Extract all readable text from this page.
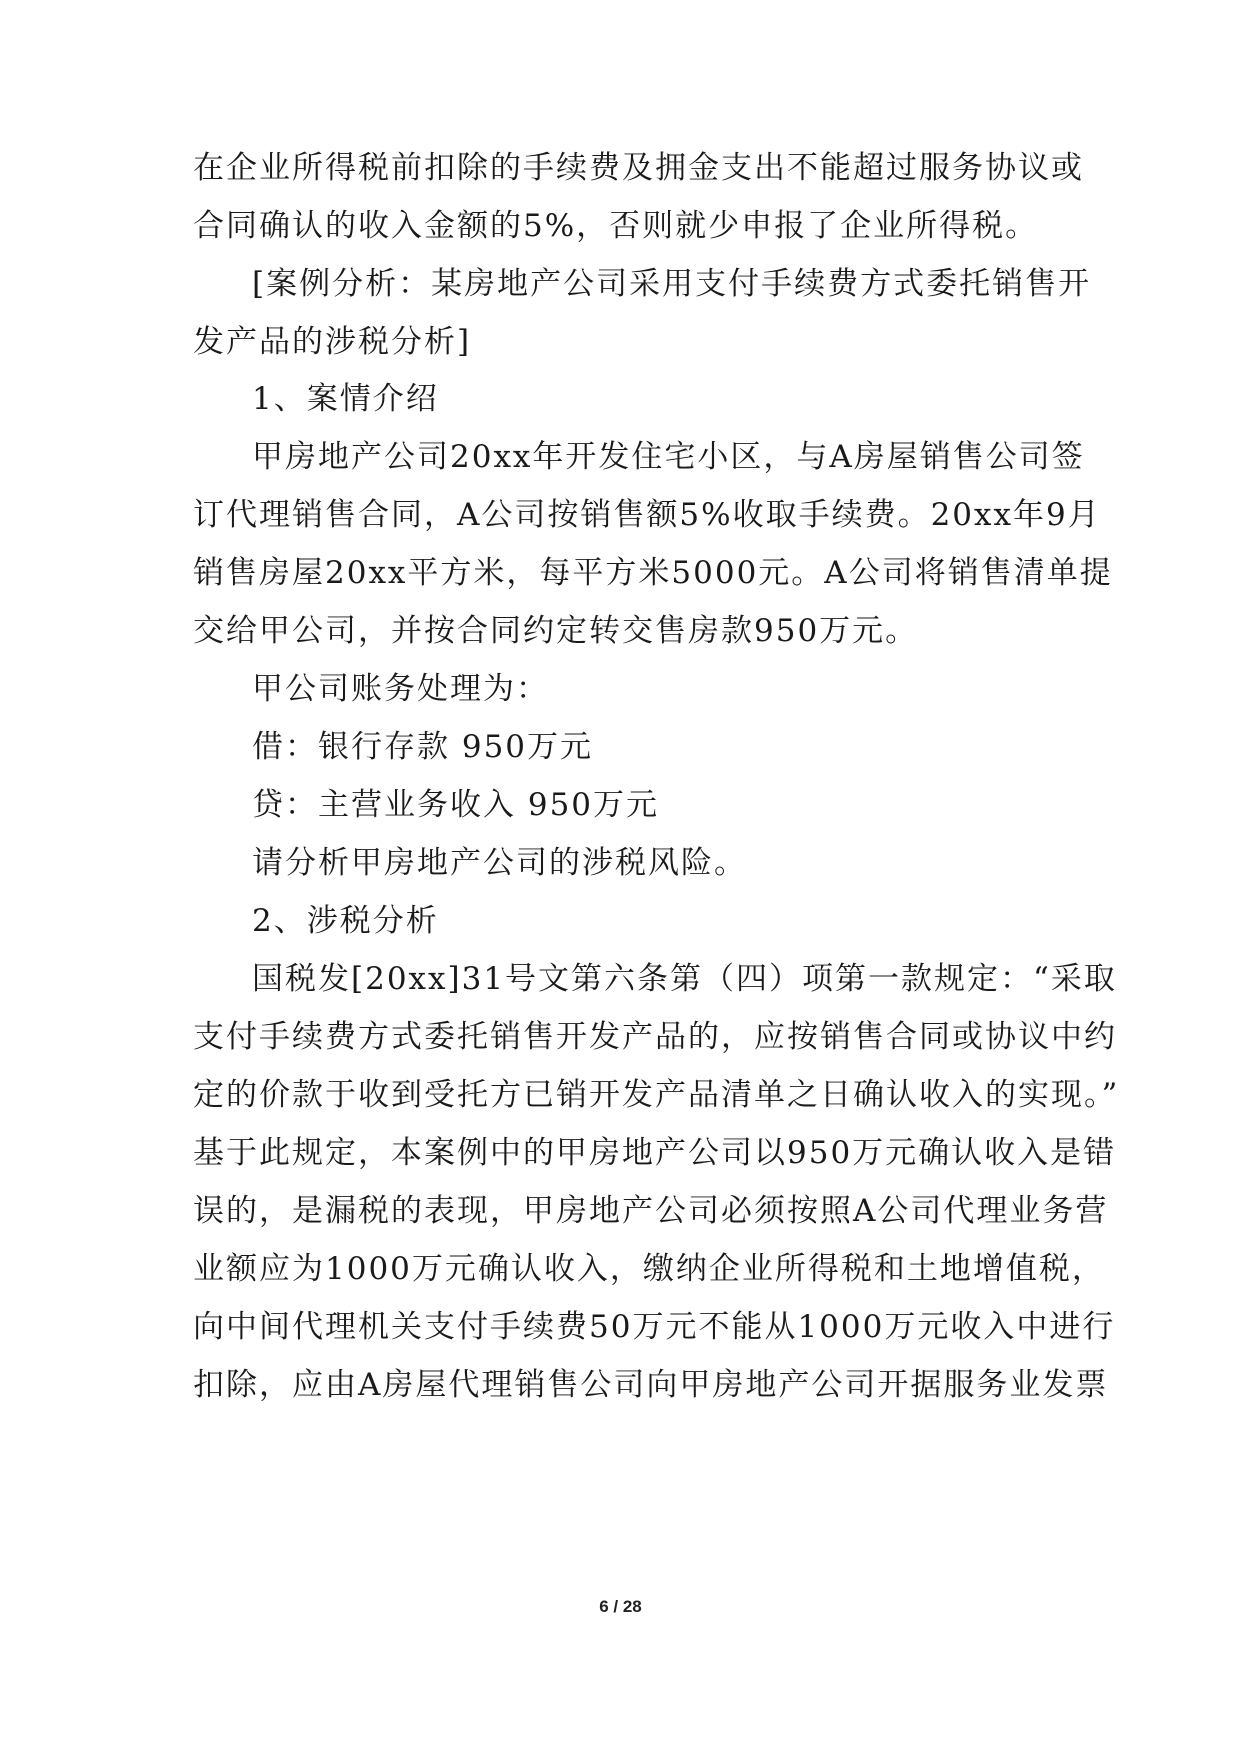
在企业所得税前扣除的手续费及拥金支出不能超过服务协议或
合同确认的收入金额的5%，否则就少申报了企业所得税。
[案例分析：某房地产公司采用支付手续费方式委托销售开
发产品的涉税分析]
1、案情介绍
甲房地产公司20xx年开发住宅小区，与A房屋销售公司签
订代理销售合同，A公司按销售额5%收取手续费。20xx年9月
销售房屋20xx平方米，每平方米5000元。A公司将销售清单提
交给甲公司，并按合同约定转交售房款950万元。
甲公司账务处理为：
借：银行存款 950万元
贷：主营业务收入 950万元
请分析甲房地产公司的涉税风险。
2、涉税分析
国税发[20xx]31号文第六条第（四）项第一款规定：“采取
支付手续费方式委托销售开发产品的，应按销售合同或协议中约
定的价款于收到受托方已销开发产品清单之日确认收入的实现。”
基于此规定，本案例中的甲房地产公司以950万元确认收入是错
误的，是漏税的表现，甲房地产公司必须按照A公司代理业务营
业额应为1000万元确认收入，缴纳企业所得税和土地增值税，
向中间代理机关支付手续费50万元不能从1000万元收入中进行
扣除，应由A房屋代理销售公司向甲房地产公司开据服务业发票
6 / 28
